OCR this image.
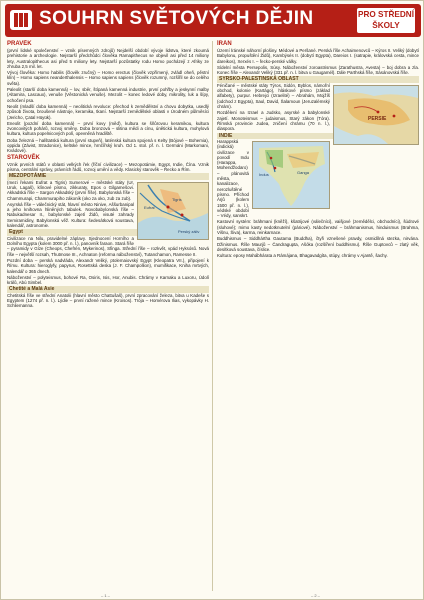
SOUHRN SVĚTOVÝCH DĚJIN	PRO STŘEDNÍ
ŠKOLY
PRAVĚK

(první lidské společenství – vznik písemných zdrojů) Nejdelší období vývoje lidstva, které zkoumá prehistorie a archeologie. Nejstarší předchůdci člověka Ramapithecus se objevil asi před 14 miliony lety, Australopithecus asi před 5 miliony lety. Nejstarší pozůstatky rodu Homo pocházejí z Afriky ze zhruba 2,5 mil. let.

Vývoj člověka: Homo habilis (člověk zručný) – Homo erectus (člověk vzpřímený, zvládl oheň, pěstní klín) – Homo sapiens neanderthalensis – Homo sapiens sapiens (člověk rozumný, rozšířil se do celého světa).

Paleolit (starší doba kamenná) – lov, sběr, štípaná kamenná industrie, první pohřby a jeskynní malby (Altamira, Lascaux), venuše (Věstonická venuše). Mezolit – konec ledové doby, mikrolity, luk a šípy, ochočení psa.

Neolit (mladší doba kamenná) – neolitická revoluce: přechod k zemědělství a chovu dobytka, usedlý způsob života, broušené nástroje, keramika, tkaní. Nejstarší zemědělské oblasti v Úrodném půlměsíci (Jericho, Çatal Hüyük).

Eneolit (pozdní doba kamenná) – první kovy (měď), kultura se šňůrovou keramikou, kultura zvoncovitých pohárů, rozvoj směny. Doba bronzová – slitina mědi a cínu, únětická kultura, mohylová kultura, kultura popelnicových polí, opevněná hradiště.

Doba železná – halštatská kultura (první stupeň), laténská kultura spojená s Kelty (Bójové – Bohemia), oppida (Závist, Stradonice), keltské mince, hrnčířský kruh. Od 1. stol. př. n. l. Germáni (Markomani, Kvádové).

STAROVĚK

Vznik prvních států v oblasti velkých řek (říční civilizace) – Mezopotámie, Egypt, Indie, Čína. Vznik písma, centrální správy, právních řádů, rozvoj umění a vědy. Klasický starověk – Řecko a Řím.

MEZOPOTÁMIE
Tigris
Eufrat
Perský záliv

(mezi řekami Eufrat a Tigris) Sumerové – městské státy (Ur, Uruk, Lagaš), klínové písmo, zikkuraty, Epos o Gilgamešovi. Akkadská říše – Sargon Akkadský (první říše). Babylonská říše – Chammurapi, Chammurapiho zákoník (oko za oko, zub za zub).

Asyrská říše – válečnický stát, hlavní město Ninive, Aššurbanipal a jeho knihovna hliněných tabulek. Novobabylonská říše – Nabukadnesar II., babylonské zajetí Židů, visuté zahrady Semiramidiny, Babylonská věž. Kultura: šedesátková soustava, kalendář, astronomie.

Egypt

Civilizace na Nilu, pravidelné záplavy. Sjednocení Horního a Dolního Egypta (kolem 3000 př. n. l.), panovník faraon. Stará říše – pyramidy v Gíze (Cheops, Chefrén, Mykerinos), Sfinga. Střední říše – rozkvět, vpád Hyksósů. Nová říše – největší rozsah, Thutmose III., Achnaton (reforma náboženství), Tutanchamon, Ramesse II.

Pozdní doba – perská nadvláda, Alexandr Veliký, ptolemaiovský Egypt (Kleopatra VII.), připojení k Římu. Kultura: hieroglyfy, papyrus, Rosettská deska (J. F. Champollion), mumifikace, Kniha mrtvých, kalendář o 365 dnech.

Náboženství – polyteismus, bohové Ra, Osiris, Isis, Hor, Anubis. Chrámy v Karnaku a Luxoru, Údolí králů, Abú Simbel.

Chetité a Malá Asie

Chetitská říše ve střední Anatolii (hlavní město Chattušaš), první zpracování železa, bitva u Kadeše s Egyptem (1274 př. n. l.). Lýdie – první ražené mince (Kroisos). Trója – Homérova Ilias, vykopávky H. Schliemanna.

– 1 –
ÍRÁN

Území Íránské náhorní plošiny. Médové a Peršané. Perská říše Achaimenovců – Kýros II. Veliký (dobytí Babylonu, propuštění Židů), Kambýsés II. (dobytí Egypta), Dareios I. (satrapie, královská cesta, mince dareikos), Xerxés I. – řecko-perské války.

Sídelní města Persepolis, Súsy. Náboženství zoroastrismus (Zarathustra, Avesta) – boj dobra a zla. Konec říše – Alexandr Veliký (331 př. n. l. bitva u Gaugamél). Dále Parthská říše, Sásánovská říše.

SYRSKO-PALESTINSKÁ OBLAST
PERSIE

Féničané – městské státy Týros, Sidón, Byblos, námořní obchod, kolonie (Kartágo), hláskové písmo (základ alfabety), purpur. Hebrejci (Izraelité) – Abrahám, Mojžíš (odchod z Egypta), Saul, David, Šalamoun (Jeruzalémský chrám).

Rozdělení na Izrael a Judsko, asyrské a babylonské zajetí. Monoteismus – judaismus, Starý zákon (Tóra). Římská provincie Judea, zničení chrámu (70 n. l.), diaspora.

INDIE
Indus	Ganga

Harappská (indická) civilizace v povodí Indu (Harappa, Mohendžodaro) – plánovitá města, kanalizace, nerozluštěné písmo. Příchod Árjů (kolem 1500 př. n. l.), védské období – Védy, sanskrt.

Kastovní systém: bráhmani (kněží), kšatrijové (válečníci), vaišjové (zemědělci, obchodníci), šúdrové (sluhové); mimo kasty nedotknutelní (páriové). Náboženství – bráhmanismus, hinduismus (Brahma, Višnu, Šiva), karma, reinkarnace.

Buddhismus – Siddhártha Gautama (Buddha), čtyři vznešené pravdy, osmidílná stezka, nirvána. Džinismus. Říše Maurjů – Čandragupta, Ašóka (rozšíření buddhismu). Říše Guptovců – zlatý věk, desítková soustava, číslice.

Kultura: eposy Mahábhárata a Rámájana, Bhagavadgíta, stúpy, chrámy v Ajantě, šachy.

– 2 –
